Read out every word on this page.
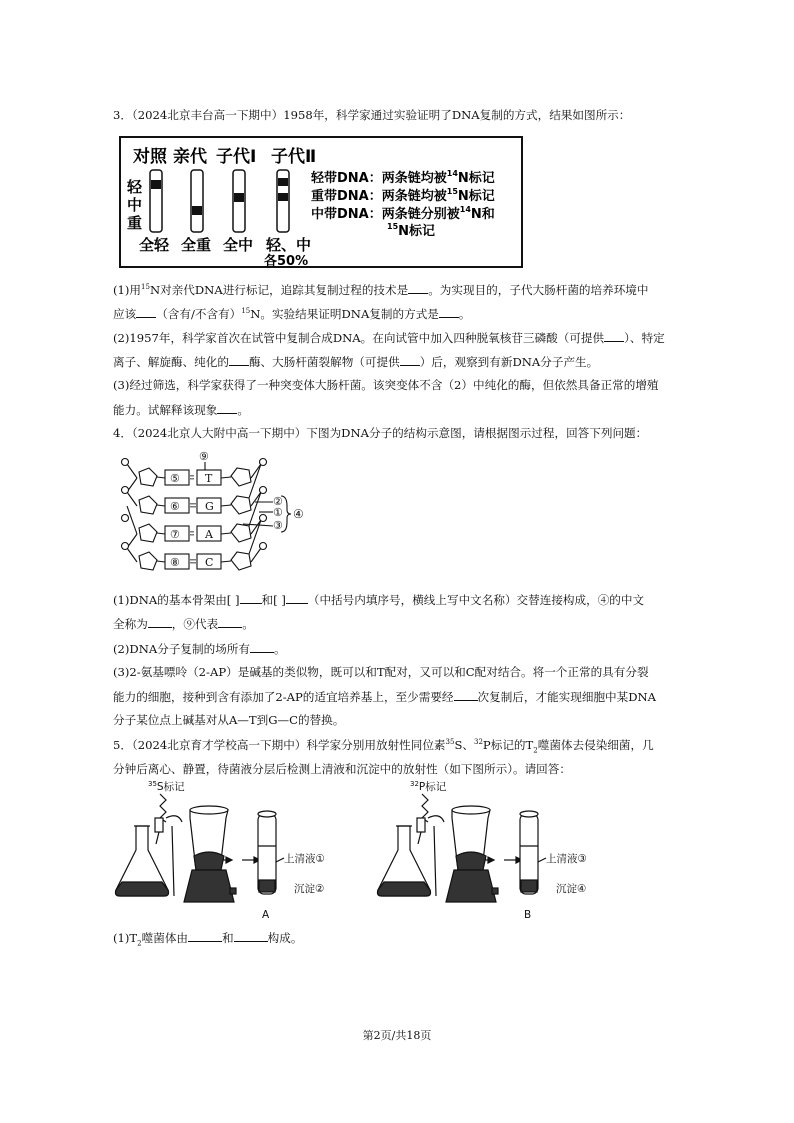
3．（2024北京丰台高一下期中）1958年，科学家通过实验证明了DNA复制的方式，结果如图所示：
对照 亲代 子代Ⅰ 子代Ⅱ
轻
中
重
全轻 全重 全中 轻、中
各50%
轻带DNA：两条链均被$^{14}$N标记
重带DNA：两条链均被$^{15}$N标记
中带DNA：两条链分别被$^{14}$N和
$^{15}$N标记
(1)用$^{15}$N对亲代DNA进行标记，追踪其复制过程的技术是 。为实现目的，子代大肠杆菌的培养环境中
应该 （含有/不含有）$^{15}$N。实验结果证明DNA复制的方式是 。
(2)1957年，科学家首次在试管中复制合成DNA。在向试管中加入四种脱氧核苷三磷酸（可提供 ）、特定
离子、解旋酶、纯化的 酶、大肠杆菌裂解物（可提供 ）后，观察到有新DNA分子产生。
(3)经过筛选，科学家获得了一种突变体大肠杆菌。该突变体不含（2）中纯化的酶，但依然具备正常的增殖
能力。试解释该现象 。
4．（2024北京人大附中高一下期中）下图为DNA分子的结构示意图，请根据图示过程，回答下列问题：
⑤
⑥
⑦
⑧
T
G
A
C
⑨
②
①
③
④
(1)DNA的基本骨架由[ ] 和[ ] （中括号内填序号，横线上写中文名称）交替连接构成，④的中文
全称为 ，⑨代表 。
(2)DNA分子复制的场所有 。
(3)2-氨基嘌呤（2-AP）是碱基的类似物，既可以和T配对，又可以和C配对结合。将一个正常的具有分裂
能力的细胞，接种到含有添加了2-AP的适宜培养基上，至少需要经 次复制后，才能实现细胞中某DNA
分子某位点上碱基对从A—T到G—C的替换。
5．（2024北京育才学校高一下期中）科学家分别用放射性同位素$^{35}$S、$^{32}$P标记的$T_2$噬菌体去侵染细菌，几
分钟后离心、静置，待菌液分层后检测上清液和沉淀中的放射性（如下图所示）。请回答：
$^{35}$S标记
上清液①
沉淀②
A
$^{32}$P标记
上清液③
沉淀④
B
$(1)T_2$噬菌体由	和	构成。
第2页/共18页
